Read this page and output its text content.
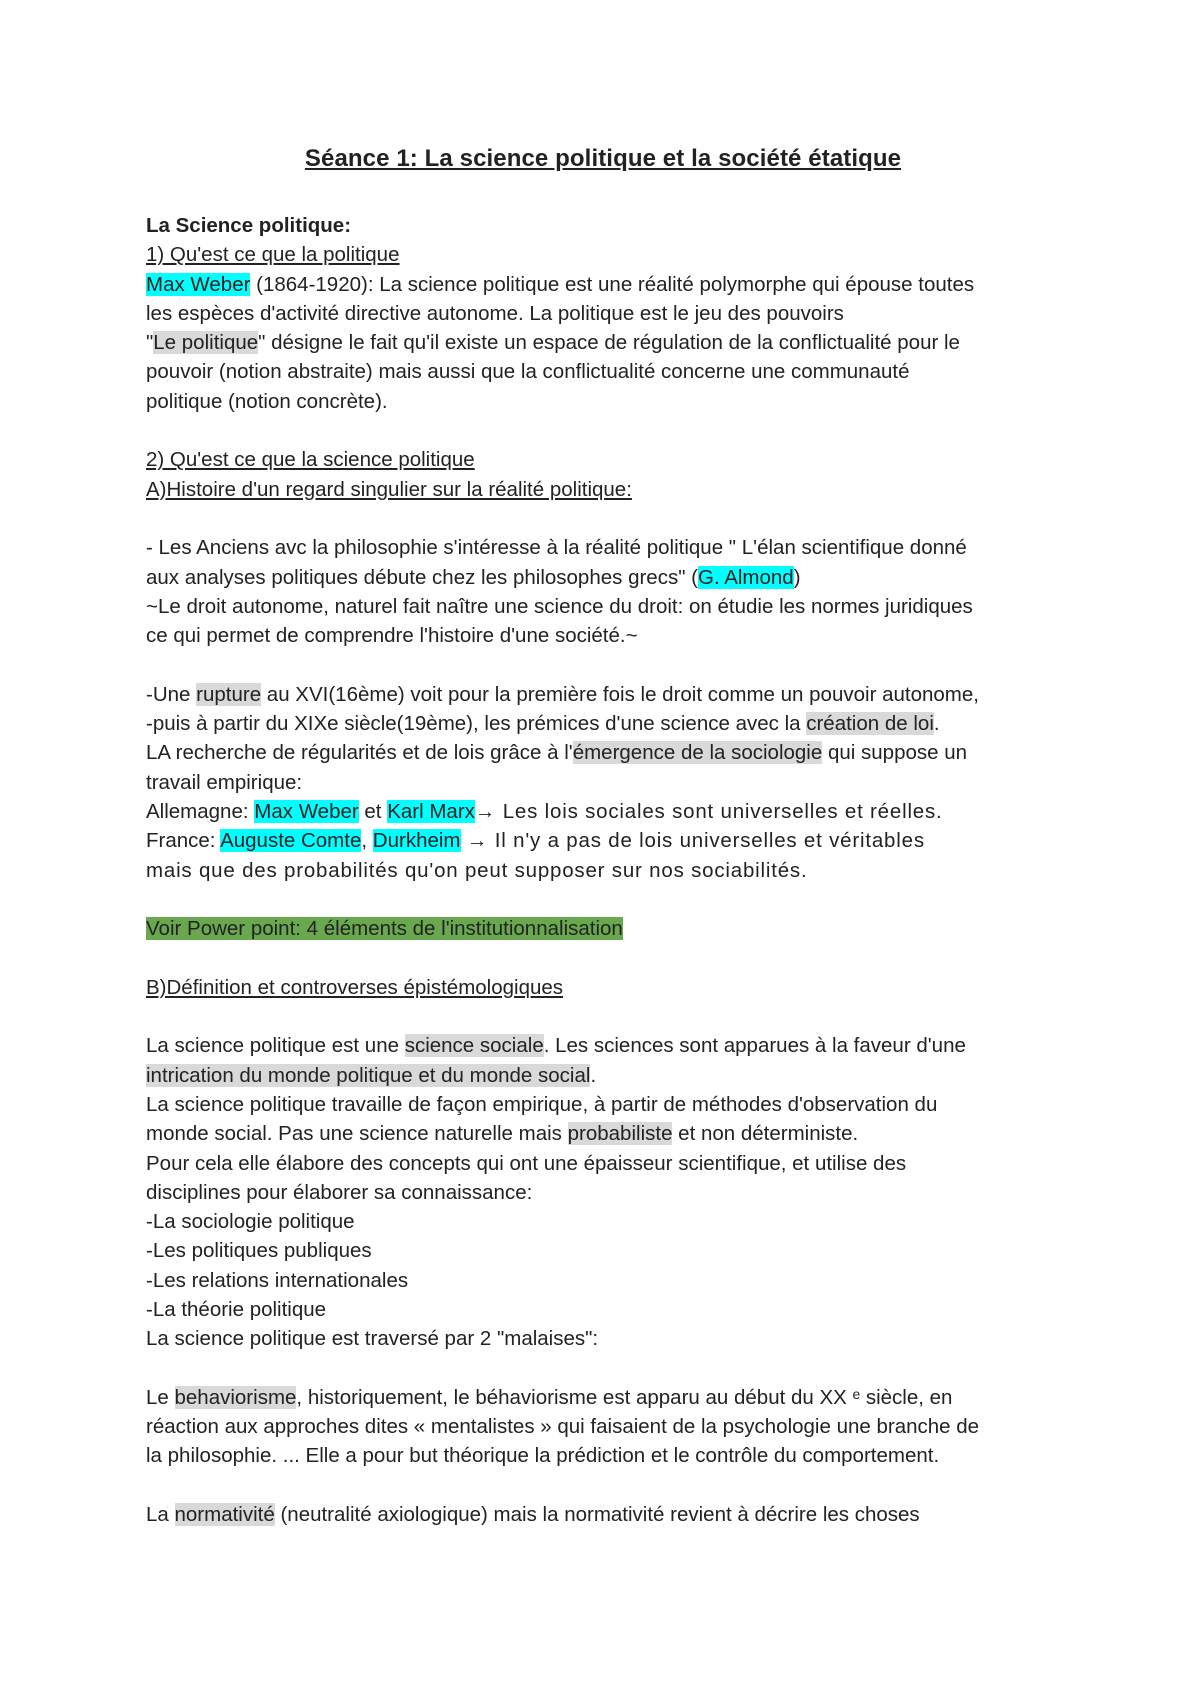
Séance 1: La science politique et la société étatique
La Science politique:
1) Qu'est ce que la politique
Max Weber (1864-1920): La science politique est une réalité polymorphe qui épouse toutes
les espèces d'activité directive autonome. La politique est le jeu des pouvoirs
"Le politique" désigne le fait qu'il existe un espace de régulation de la conflictualité pour le
pouvoir (notion abstraite) mais aussi que la conflictualité concerne une communauté
politique (notion concrète).
2) Qu'est ce que la science politique
A)Histoire d'un regard singulier sur la réalité politique:
- Les Anciens avc la philosophie s'intéresse à la réalité politique " L'élan scientifique donné
aux analyses politiques débute chez les philosophes grecs" (G. Almond)
~Le droit autonome, naturel fait naître une science du droit: on étudie les normes juridiques
ce qui permet de comprendre l'histoire d'une société.~
-Une rupture au XVI(16ème) voit pour la première fois le droit comme un pouvoir autonome,
-puis à partir du XIXe siècle(19ème), les prémices d'une science avec la création de loi.
LA recherche de régularités et de lois grâce à l'émergence de la sociologie qui suppose un
travail empirique:
Allemagne: Max Weber et Karl Marx→ Les lois sociales sont universelles et réelles.
France: Auguste Comte, Durkheim → Il n'y a pas de lois universelles et véritables
mais que des probabilités qu'on peut supposer sur nos sociabilités.
Voir Power point: 4 éléments de l'institutionnalisation
B)Définition et controverses épistémologiques
La science politique est une science sociale. Les sciences sont apparues à la faveur d'une
intrication du monde politique et du monde social.
La science politique travaille de façon empirique, à partir de méthodes d'observation du
monde social. Pas une science naturelle mais probabiliste et non déterministe.
Pour cela elle élabore des concepts qui ont une épaisseur scientifique, et utilise des
disciplines pour élaborer sa connaissance:
-La sociologie politique
-Les politiques publiques
-Les relations internationales
-La théorie politique
La science politique est traversé par 2 "malaises":
Le behaviorisme, historiquement, le béhaviorisme est apparu au début du XX ᵉ siècle, en
réaction aux approches dites « mentalistes » qui faisaient de la psychologie une branche de
la philosophie. ... Elle a pour but théorique la prédiction et le contrôle du comportement.
La normativité (neutralité axiologique) mais la normativité revient à décrire les choses
